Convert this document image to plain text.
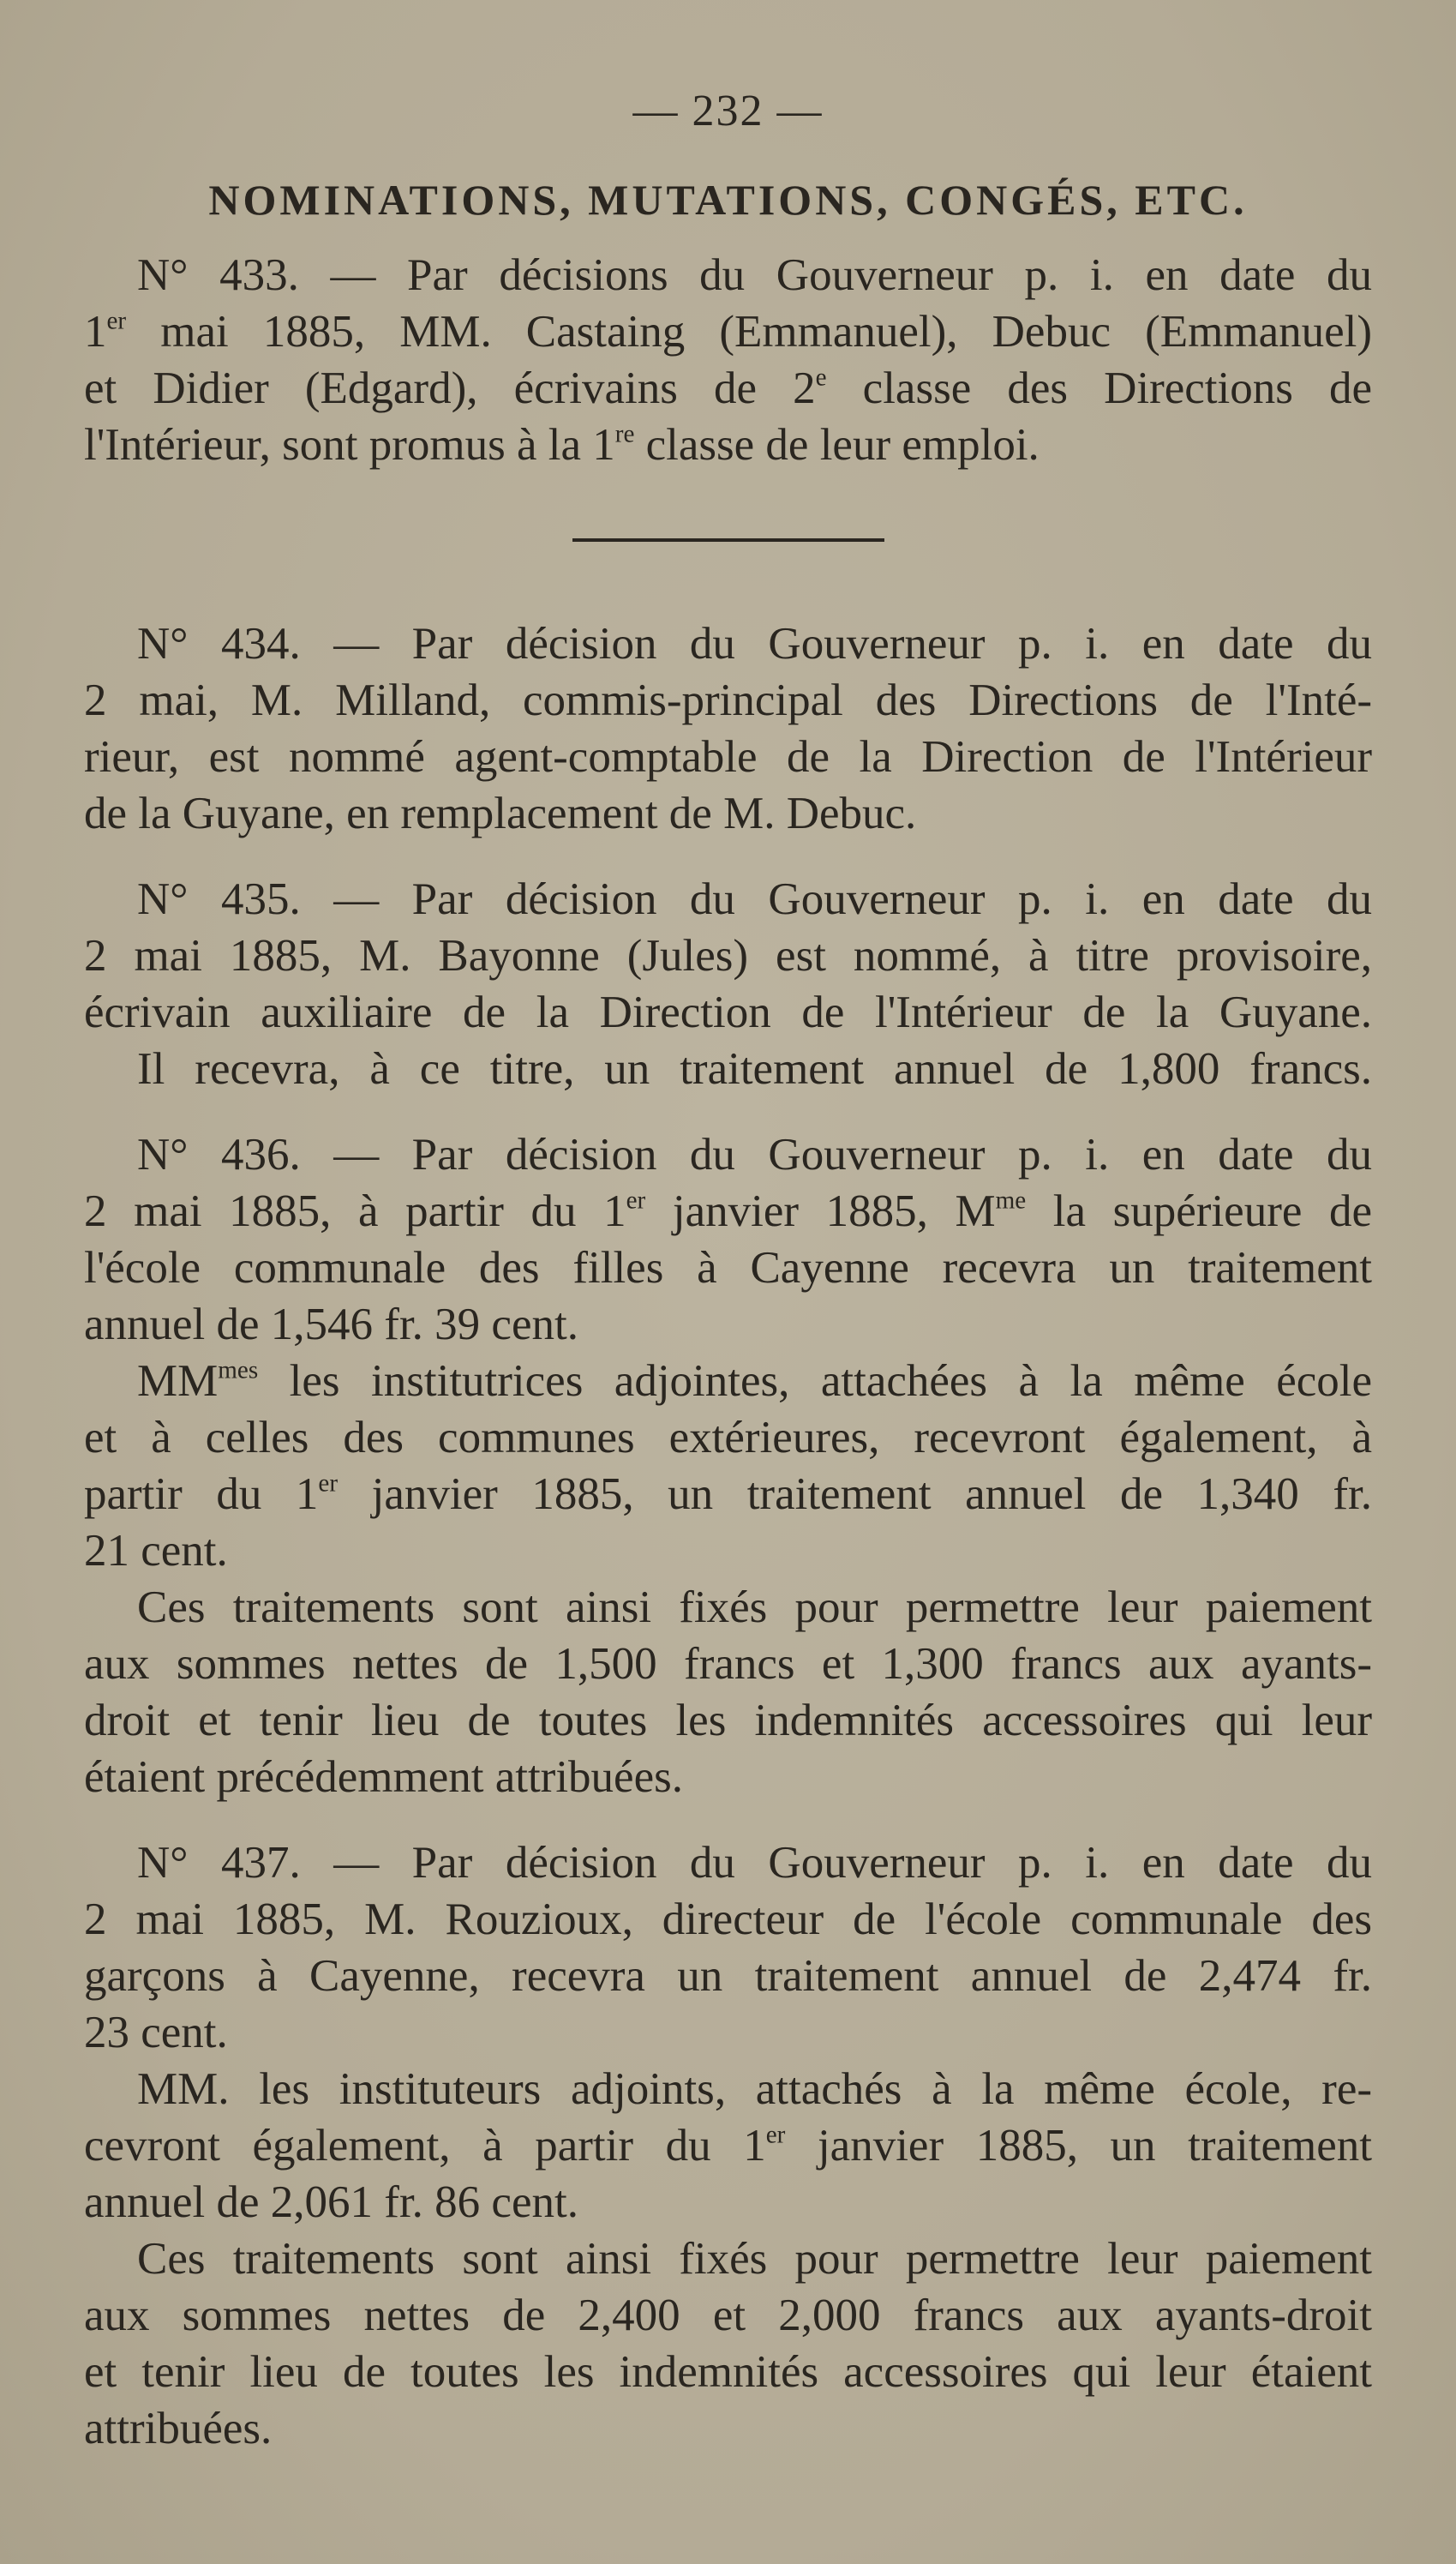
— 232 —
NOMINATIONS, MUTATIONS, CONGÉS, ETC.
N° 433. — Par décisions du Gouverneur p. i. en date du
1er mai 1885, MM. Castaing (Emmanuel), Debuc (Emmanuel)
et Didier (Edgard), écrivains de 2e classe des Directions de
l'Intérieur, sont promus à la 1re classe de leur emploi.
N° 434. — Par décision du Gouverneur p. i. en date du
2 mai, M. Milland, commis-principal des Directions de l'Inté-
rieur, est nommé agent-comptable de la Direction de l'Intérieur
de la Guyane, en remplacement de M. Debuc.
N° 435. — Par décision du Gouverneur p. i. en date du
2 mai 1885, M. Bayonne (Jules) est nommé, à titre provisoire,
écrivain auxiliaire de la Direction de l'Intérieur de la Guyane.
Il recevra, à ce titre, un traitement annuel de 1,800 francs.
N° 436. — Par décision du Gouverneur p. i. en date du
2 mai 1885, à partir du 1er janvier 1885, $M^{me}$ la supérieure de
l'école communale des filles à Cayenne recevra un traitement
annuel de 1,546 fr. 39 cent.
$MM^{mes}$ les institutrices adjointes, attachées à la même école
et à celles des communes extérieures, recevront également, à
partir du 1er janvier 1885, un traitement annuel de 1,340 fr.
21 cent.
Ces traitements sont ainsi fixés pour permettre leur paiement
aux sommes nettes de 1,500 francs et 1,300 francs aux ayants-
droit et tenir lieu de toutes les indemnités accessoires qui leur
étaient précédemment attribuées.
N° 437. — Par décision du Gouverneur p. i. en date du
2 mai 1885, M. Rouzioux, directeur de l'école communale des
garçons à Cayenne, recevra un traitement annuel de 2,474 fr.
23 cent.
MM. les instituteurs adjoints, attachés à la même école, re-
cevront également, à partir du 1er janvier 1885, un traitement
annuel de 2,061 fr. 86 cent.
Ces traitements sont ainsi fixés pour permettre leur paiement
aux sommes nettes de 2,400 et 2,000 francs aux ayants-droit
et tenir lieu de toutes les indemnités accessoires qui leur étaient
attribuées.
